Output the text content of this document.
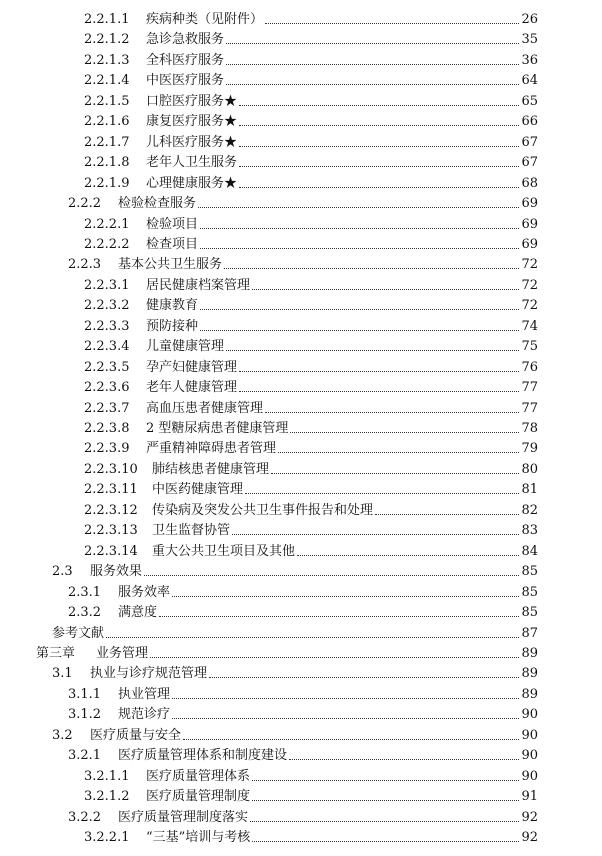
2.2.1.1	疾病种类（见附件）	26
2.2.1.2	急诊急救服务	35
2.2.1.3	全科医疗服务	36
2.2.1.4	中医医疗服务	64
2.2.1.5	口腔医疗服务★	65
2.2.1.6	康复医疗服务★	66
2.2.1.7	儿科医疗服务★	67
2.2.1.8	老年人卫生服务	67
2.2.1.9	心理健康服务★	68
2.2.2	检验检查服务	69
2.2.2.1	检验项目	69
2.2.2.2	检查项目	69
2.2.3	基本公共卫生服务	72
2.2.3.1	居民健康档案管理	72
2.2.3.2	健康教育	72
2.2.3.3	预防接种	74
2.2.3.4	儿童健康管理	75
2.2.3.5	孕产妇健康管理	76
2.2.3.6	老年人健康管理	77
2.2.3.7	高血压患者健康管理	77
2.2.3.8	2 型糖尿病患者健康管理	78
2.2.3.9	严重精神障碍患者管理	79
2.2.3.10	肺结核患者健康管理	80
2.2.3.11	中医药健康管理	81
2.2.3.12	传染病及突发公共卫生事件报告和处理	82
2.2.3.13	卫生监督协管	83
2.2.3.14	重大公共卫生项目及其他	84
2.3	服务效果	85
2.3.1	服务效率	85
2.3.2	满意度	85
参考文献	87
第三章	业务管理	89
3.1	执业与诊疗规范管理	89
3.1.1	执业管理	89
3.1.2	规范诊疗	90
3.2	医疗质量与安全	90
3.2.1	医疗质量管理体系和制度建设	90
3.2.1.1	医疗质量管理体系	90
3.2.1.2	医疗质量管理制度	91
3.2.2	医疗质量管理制度落实	92
3.2.2.1	“三基”培训与考核	92
